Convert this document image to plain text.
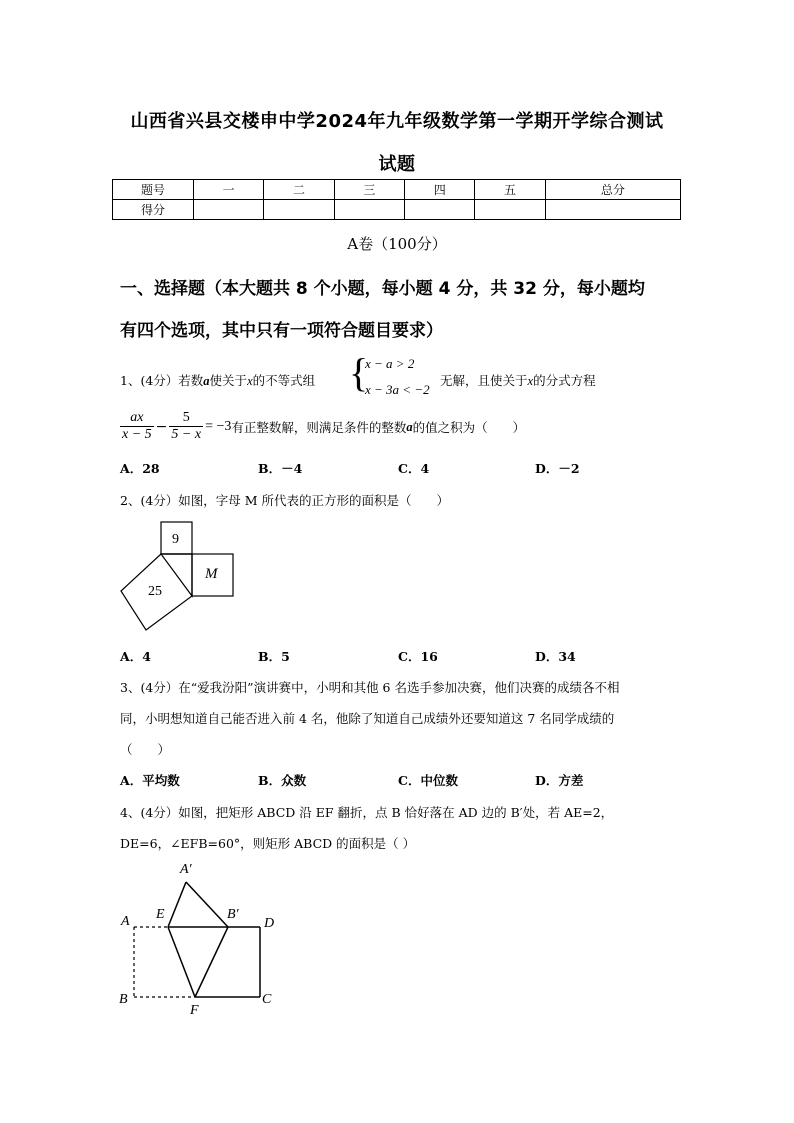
山西省兴县交楼申中学2024年九年级数学第一学期开学综合测试
试题
题号	一	二	三	四	五	总分
得分						
A卷（100分）
一、选择题（本大题共 8 个小题，每小题 4 分，共 32 分，每小题均
有四个选项，其中只有一项符合题目要求）
1、(4分）若数a使关于x的不等式组 {
x − a > 2
x − 3a < −2
无解，且使关于x的分式方程
$\frac{ax}{x - 5} - \frac{5}{5 - x} = -3$ 有正整数解，则满足条件的整数 a 的值之积为（　　）
A．28	B．－4	C．4	D．－2
2、(4分）如图，字母 M 所代表的正方形的面积是（　　）
9
25
M
A．4	B．5	C．16	D．34
3、(4分）在“爱我汾阳”演讲赛中，小明和其他 6 名选手参加决赛，他们决赛的成绩各不相
同，小明想知道自己能否进入前 4 名，他除了知道自己成绩外还要知道这 7 名同学成绩的
（　　）
A．平均数	B．众数	C．中位数	D．方差
4、(4分）如图，把矩形 ABCD 沿 EF 翻折，点 B 恰好落在 AD 边的 B′处，若 AE=2，
DE=6，∠EFB=60°，则矩形 ABCD 的面积是（ ）
A′
A E	B′
D
B
F
C
